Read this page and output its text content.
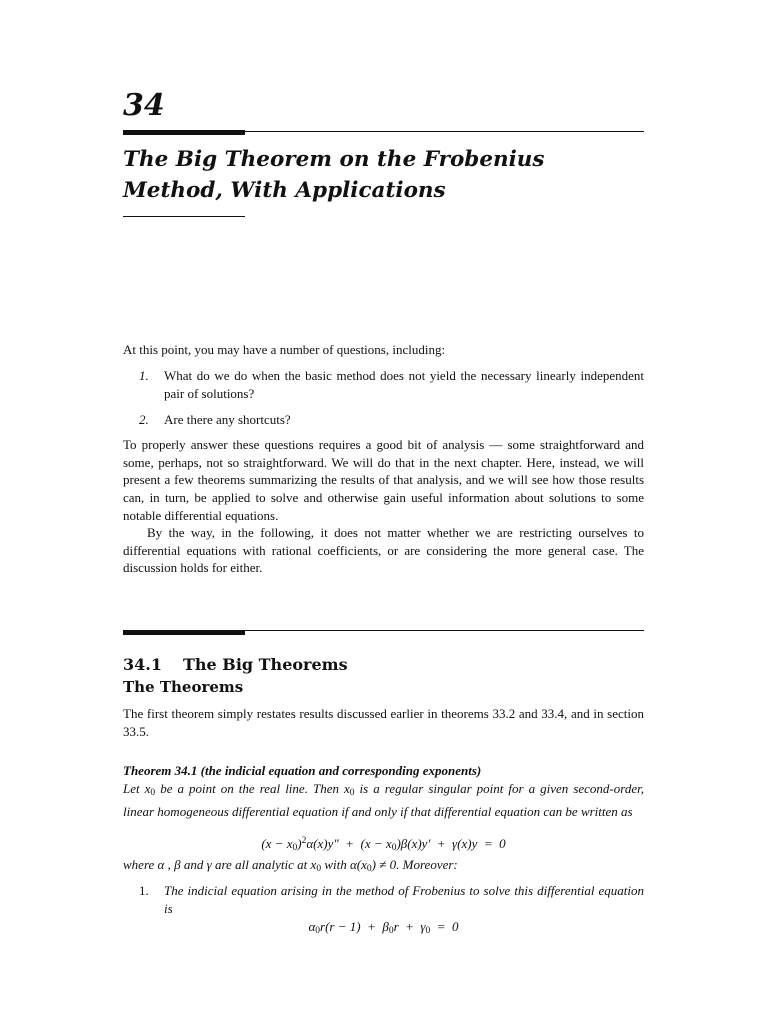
34
The Big Theorem on the Frobenius
Method, With Applications

At this point, you may have a number of questions, including:

1. What do we do when the basic method does not yield the necessary linearly independent pair of solutions?
2. Are there any shortcuts?

To properly answer these questions requires a good bit of analysis — some straightforward and some, perhaps, not so straightforward. We will do that in the next chapter. Here, instead, we will present a few theorems summarizing the results of that analysis, and we will see how those results can, in turn, be applied to solve and otherwise gain useful information about solutions to some notable differential equations.

By the way, in the following, it does not matter whether we are restricting ourselves to differential equations with rational coefficients, or are considering the more general case. The discussion holds for either.

34.1 The Big Theorems
The Theorems

The first theorem simply restates results discussed earlier in theorems 33.2 and 33.4, and in section 33.5.

Theorem 34.1 (the indicial equation and corresponding exponents)

Let $x_0$ be a point on the real line. Then $x_0$ is a regular singular point for a given second-order, linear homogeneous differential equation if and only if that differential equation can be written as

$(x - x_0)^2\alpha(x)y'' + (x - x_0)\beta(x)y' + \gamma(x)y = 0$

where α , β and γ are all analytic at $x_0$ with $\alpha(x_0) \ne 0$. Moreover:

1. The indicial equation arising in the method of Frobenius to solve this differential equation is
$\alpha_0r(r - 1) + \beta_0r + \gamma_0 = 0$
